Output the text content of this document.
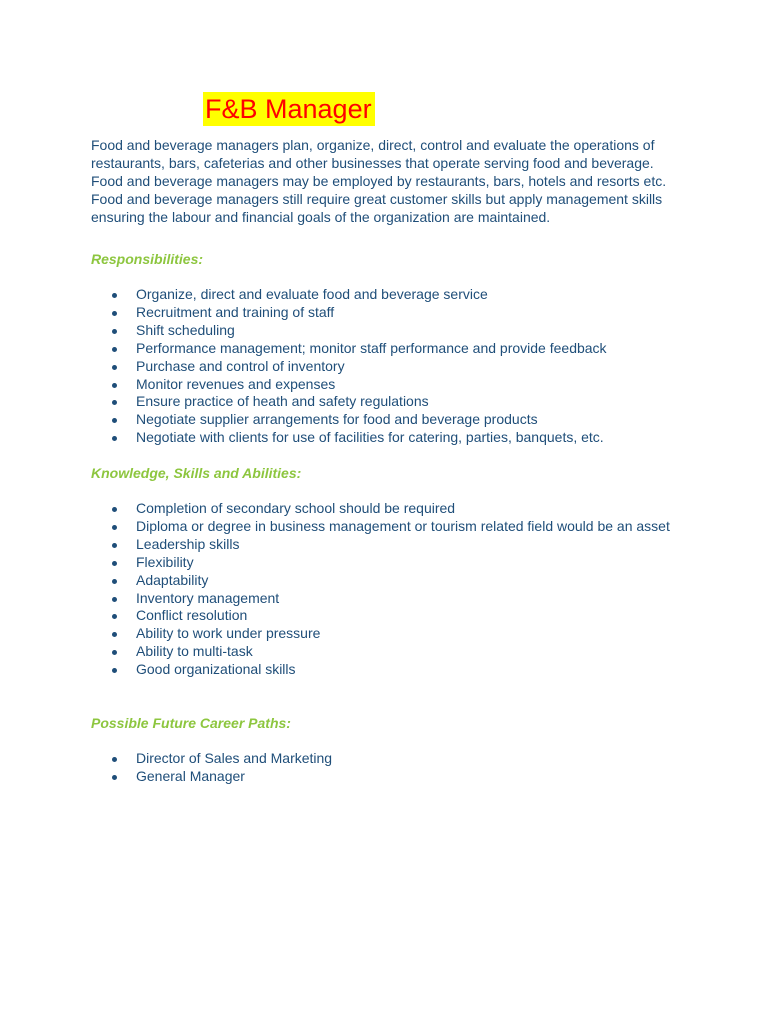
F&B Manager

Food and beverage managers plan, organize, direct, control and evaluate the operations of restaurants, bars, cafeterias and other businesses that operate serving food and beverage. Food and beverage managers may be employed by restaurants, bars, hotels and resorts etc. Food and beverage managers still require great customer skills but apply management skills ensuring the labour and financial goals of the organization are maintained.

Responsibilities:
Organize, direct and evaluate food and beverage service
Recruitment and training of staff
Shift scheduling
Performance management; monitor staff performance and provide feedback
Purchase and control of inventory
Monitor revenues and expenses
Ensure practice of heath and safety regulations
Negotiate supplier arrangements for food and beverage products
Negotiate with clients for use of facilities for catering, parties, banquets, etc.
Knowledge, Skills and Abilities:
Completion of secondary school should be required
Diploma or degree in business management or tourism related field would be an asset
Leadership skills
Flexibility
Adaptability
Inventory management
Conflict resolution
Ability to work under pressure
Ability to multi-task
Good organizational skills
Possible Future Career Paths:
Director of Sales and Marketing
General Manager
